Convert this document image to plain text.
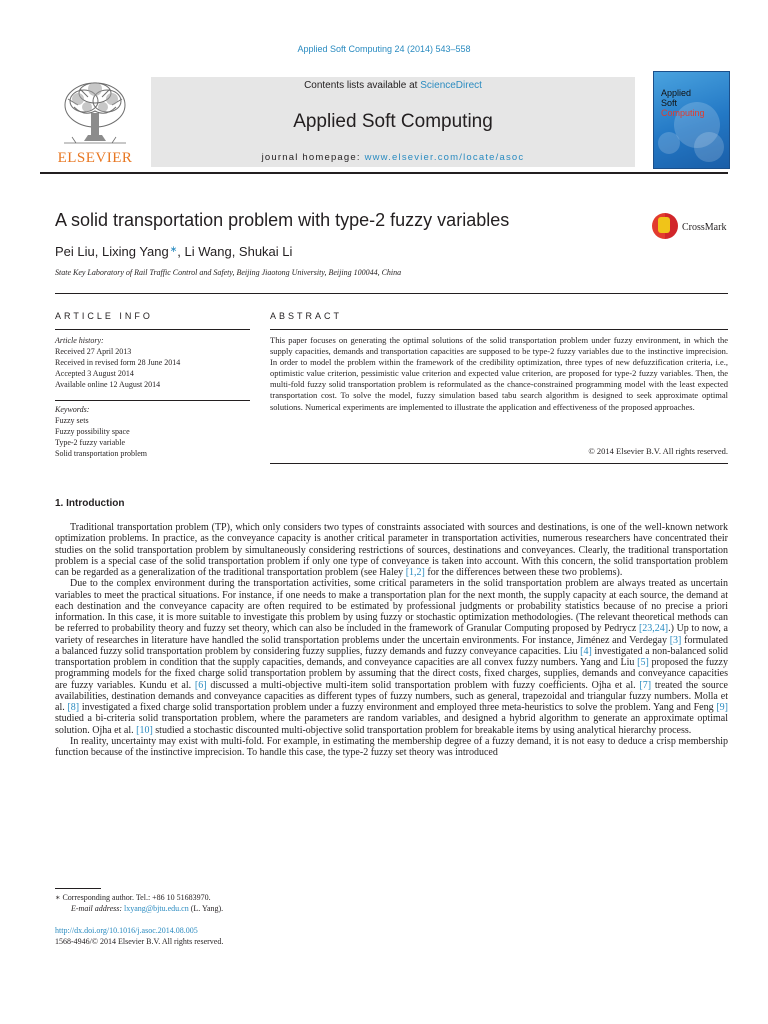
Applied Soft Computing 24 (2014) 543–558
ELSEVIER
Contents lists available at ScienceDirect
Applied Soft Computing
journal homepage: www.elsevier.com/locate/asoc
Applied
Soft
Computing
A solid transportation problem with type-2 fuzzy variables	CrossMark
Pei Liu, Lixing Yang∗, Li Wang, Shukai Li
State Key Laboratory of Rail Traffic Control and Safety, Beijing Jiaotong University, Beijing 100044, China
ARTICLE INFO
Article history:
Received 27 April 2013
Received in revised form 28 June 2014
Accepted 3 August 2014
Available online 12 August 2014
Keywords:
Fuzzy sets
Fuzzy possibility space
Type-2 fuzzy variable
Solid transportation problem
ABSTRACT
This paper focuses on generating the optimal solutions of the solid transportation problem under fuzzy environment, in which the supply capacities, demands and transportation capacities are supposed to be type-2 fuzzy variables due to the instinctive imprecision. In order to model the problem within the framework of the credibility optimization, three types of new defuzzification criteria, i.e., optimistic value criterion, pessimistic value criterion and expected value criterion, are proposed for type-2 fuzzy variables. Then, the multi-fold fuzzy solid transportation problem is reformulated as the chance-constrained programming model with the least expected transportation cost. To solve the model, fuzzy simulation based tabu search algorithm is designed to seek approximate optimal solutions. Numerical experiments are implemented to illustrate the application and effectiveness of the proposed approaches.
© 2014 Elsevier B.V. All rights reserved.
1. Introduction

Traditional transportation problem (TP), which only considers two types of constraints associated with sources and destinations, is one of the well-known network optimization problems. In practice, as the conveyance capacity is another critical parameter in transportation activities, numerous researchers have concentrated their studies on the solid transportation problem by simultaneously considering restrictions of sources, destinations and conveyances. Clearly, the traditional transportation problem is a special case of the solid transportation problem if only one type of conveyance is taken into account. With this concern, the solid transportation problem can be regarded as a generalization of the traditional transportation problem (see Haley [1,2] for the differences between these two problems).

Due to the complex environment during the transportation activities, some critical parameters in the solid transportation problem are always treated as uncertain variables to meet the practical situations. For instance, if one needs to make a transportation plan for the next month, the supply capacity at each source, the demand at each destination and the conveyance capacity are often required to be estimated by professional judgments or probability statistics because of no precise a priori information. In this case, it is more suitable to investigate this problem by using fuzzy or stochastic optimization methodologies. (The relevant theoretical methods can be referred to probability theory and fuzzy set theory, which can also be included in the framework of Granular Computing proposed by Pedrycz [23,24].) Up to now, a variety of researches in literature have handled the solid transportation problems under the uncertain environments. For instance, Jiménez and Verdegay [3] formulated a balanced fuzzy solid transportation problem by considering fuzzy supplies, fuzzy demands and fuzzy conveyance capacities. Liu [4] investigated a non-balanced solid transportation problem in condition that the supply capacities, demands, and conveyance capacities are all convex fuzzy numbers. Yang and Liu [5] proposed the fuzzy programming models for the fixed charge solid transportation problem by assuming that the direct costs, fixed charges, supplies, demands and conveyance capacities are fuzzy variables. Kundu et al. [6] discussed a multi-objective multi-item solid transportation problem with fuzzy coefficients. Ojha et al. [7] treated the source availabilities, destination demands and conveyance capacities as different types of fuzzy numbers, such as general, trapezoidal and triangular fuzzy numbers. Molla et al. [8] investigated a fixed charge solid transportation problem under a fuzzy environment and employed three meta-heuristics to solve the problem. Yang and Feng [9] studied a bi-criteria solid transportation problem, where the parameters are random variables, and designed a hybrid algorithm to generate an approximate optimal solution. Ojha et al. [10] studied a stochastic discounted multi-objective solid transportation problem for breakable items by using analytical hierarchy process.

In reality, uncertainty may exist with multi-fold. For example, in estimating the membership degree of a fuzzy demand, it is not easy to deduce a crisp membership function because of the instinctive imprecision. To handle this case, the type-2 fuzzy set theory was introduced

∗ Corresponding author. Tel.: +86 10 51683970.
E-mail address: lxyang@bjtu.edu.cn (L. Yang).
http://dx.doi.org/10.1016/j.asoc.2014.08.005
1568-4946/© 2014 Elsevier B.V. All rights reserved.
